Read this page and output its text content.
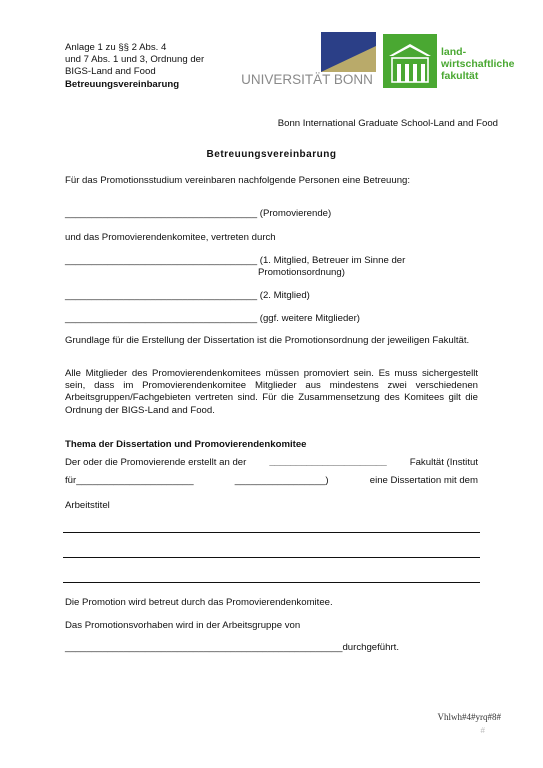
Anlage 1 zu §§ 2 Abs. 4
und 7 Abs. 1 und 3, Ordnung der
BIGS-Land and Food
Betreuungsvereinbarung	UNIVERSITÄT BONN
land-
wirtschaftliche
fakultät
Bonn International Graduate School-Land and Food
Betreuungsvereinbarung
Für das Promotionsstudium vereinbaren nachfolgende Personen eine Betreuung:
____________________________________ (Promovierende)
und das Promovierendenkomitee, vertreten durch
____________________________________ (1. Mitglied, Betreuer im Sinne der
Promotionsordnung)
____________________________________ (2. Mitglied)
____________________________________ (ggf. weitere Mitglieder)
Grundlage für die Erstellung der Dissertation ist die Promotionsordnung der jeweiligen Fakultät.
Alle Mitglieder des Promovierendenkomitees müssen promoviert sein. Es muss sichergestellt sein, dass im Promovierendenkomitee Mitglieder aus mindestens zwei verschiedenen Arbeitsgruppen/Fachgebieten vertreten sind. Für die Zusammensetzung des Komitees gilt die Ordnung der BIGS-Land and Food.
Thema der Dissertation und Promovierendenkomitee
Der oder die Promovierende erstellt an der ______________________ Fakultät (Institut
für______________________	_________________)	eine Dissertation mit dem
Arbeitstitel
Die Promotion wird betreut durch das Promovierendenkomitee.
Das Promotionsvorhaben wird in der Arbeitsgruppe von
____________________________________________________durchgeführt.
Vhlwh#4#yrq#8#
#
